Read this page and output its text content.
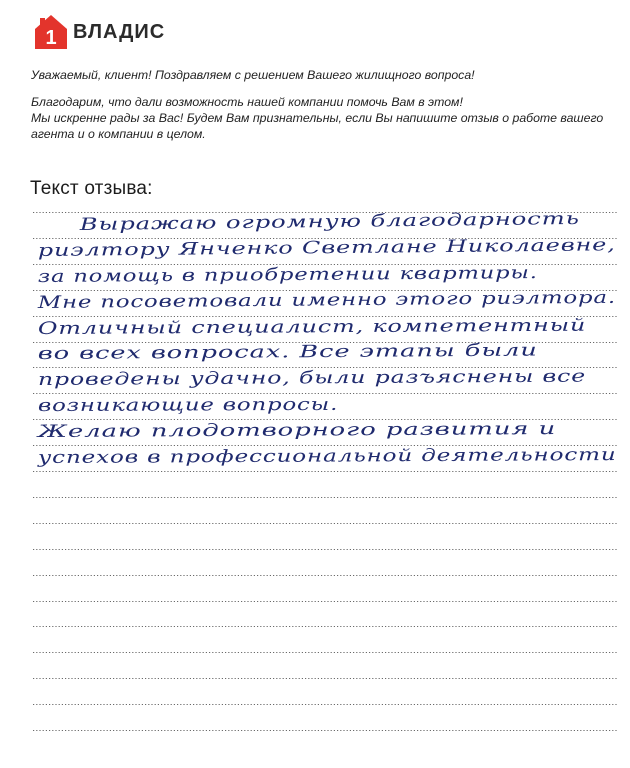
1 ВЛАДИС
Уважаемый, клиент! Поздравляем с решением Вашего жилищного вопроса!
Благодарим, что дали возможность нашей компании помочь Вам в этом!
Мы искренне рады за Вас! Будем Вам признательны, если Вы напишите отзыв о работе вашего агента и о компании в целом.
Текст отзыва:
Выражаю огромную благодарность
риэлтору Янченко Светлане Николаевне,
за помощь в приобретении квартиры.
Мне посоветовали именно этого риэлтора.
Отличный специалист, компетентный
во всех вопросах. Все этапы были
проведены удачно, были разъяснены все
возникающие вопросы.
Желаю плодотворного развития и
успехов в профессиональной деятельности
